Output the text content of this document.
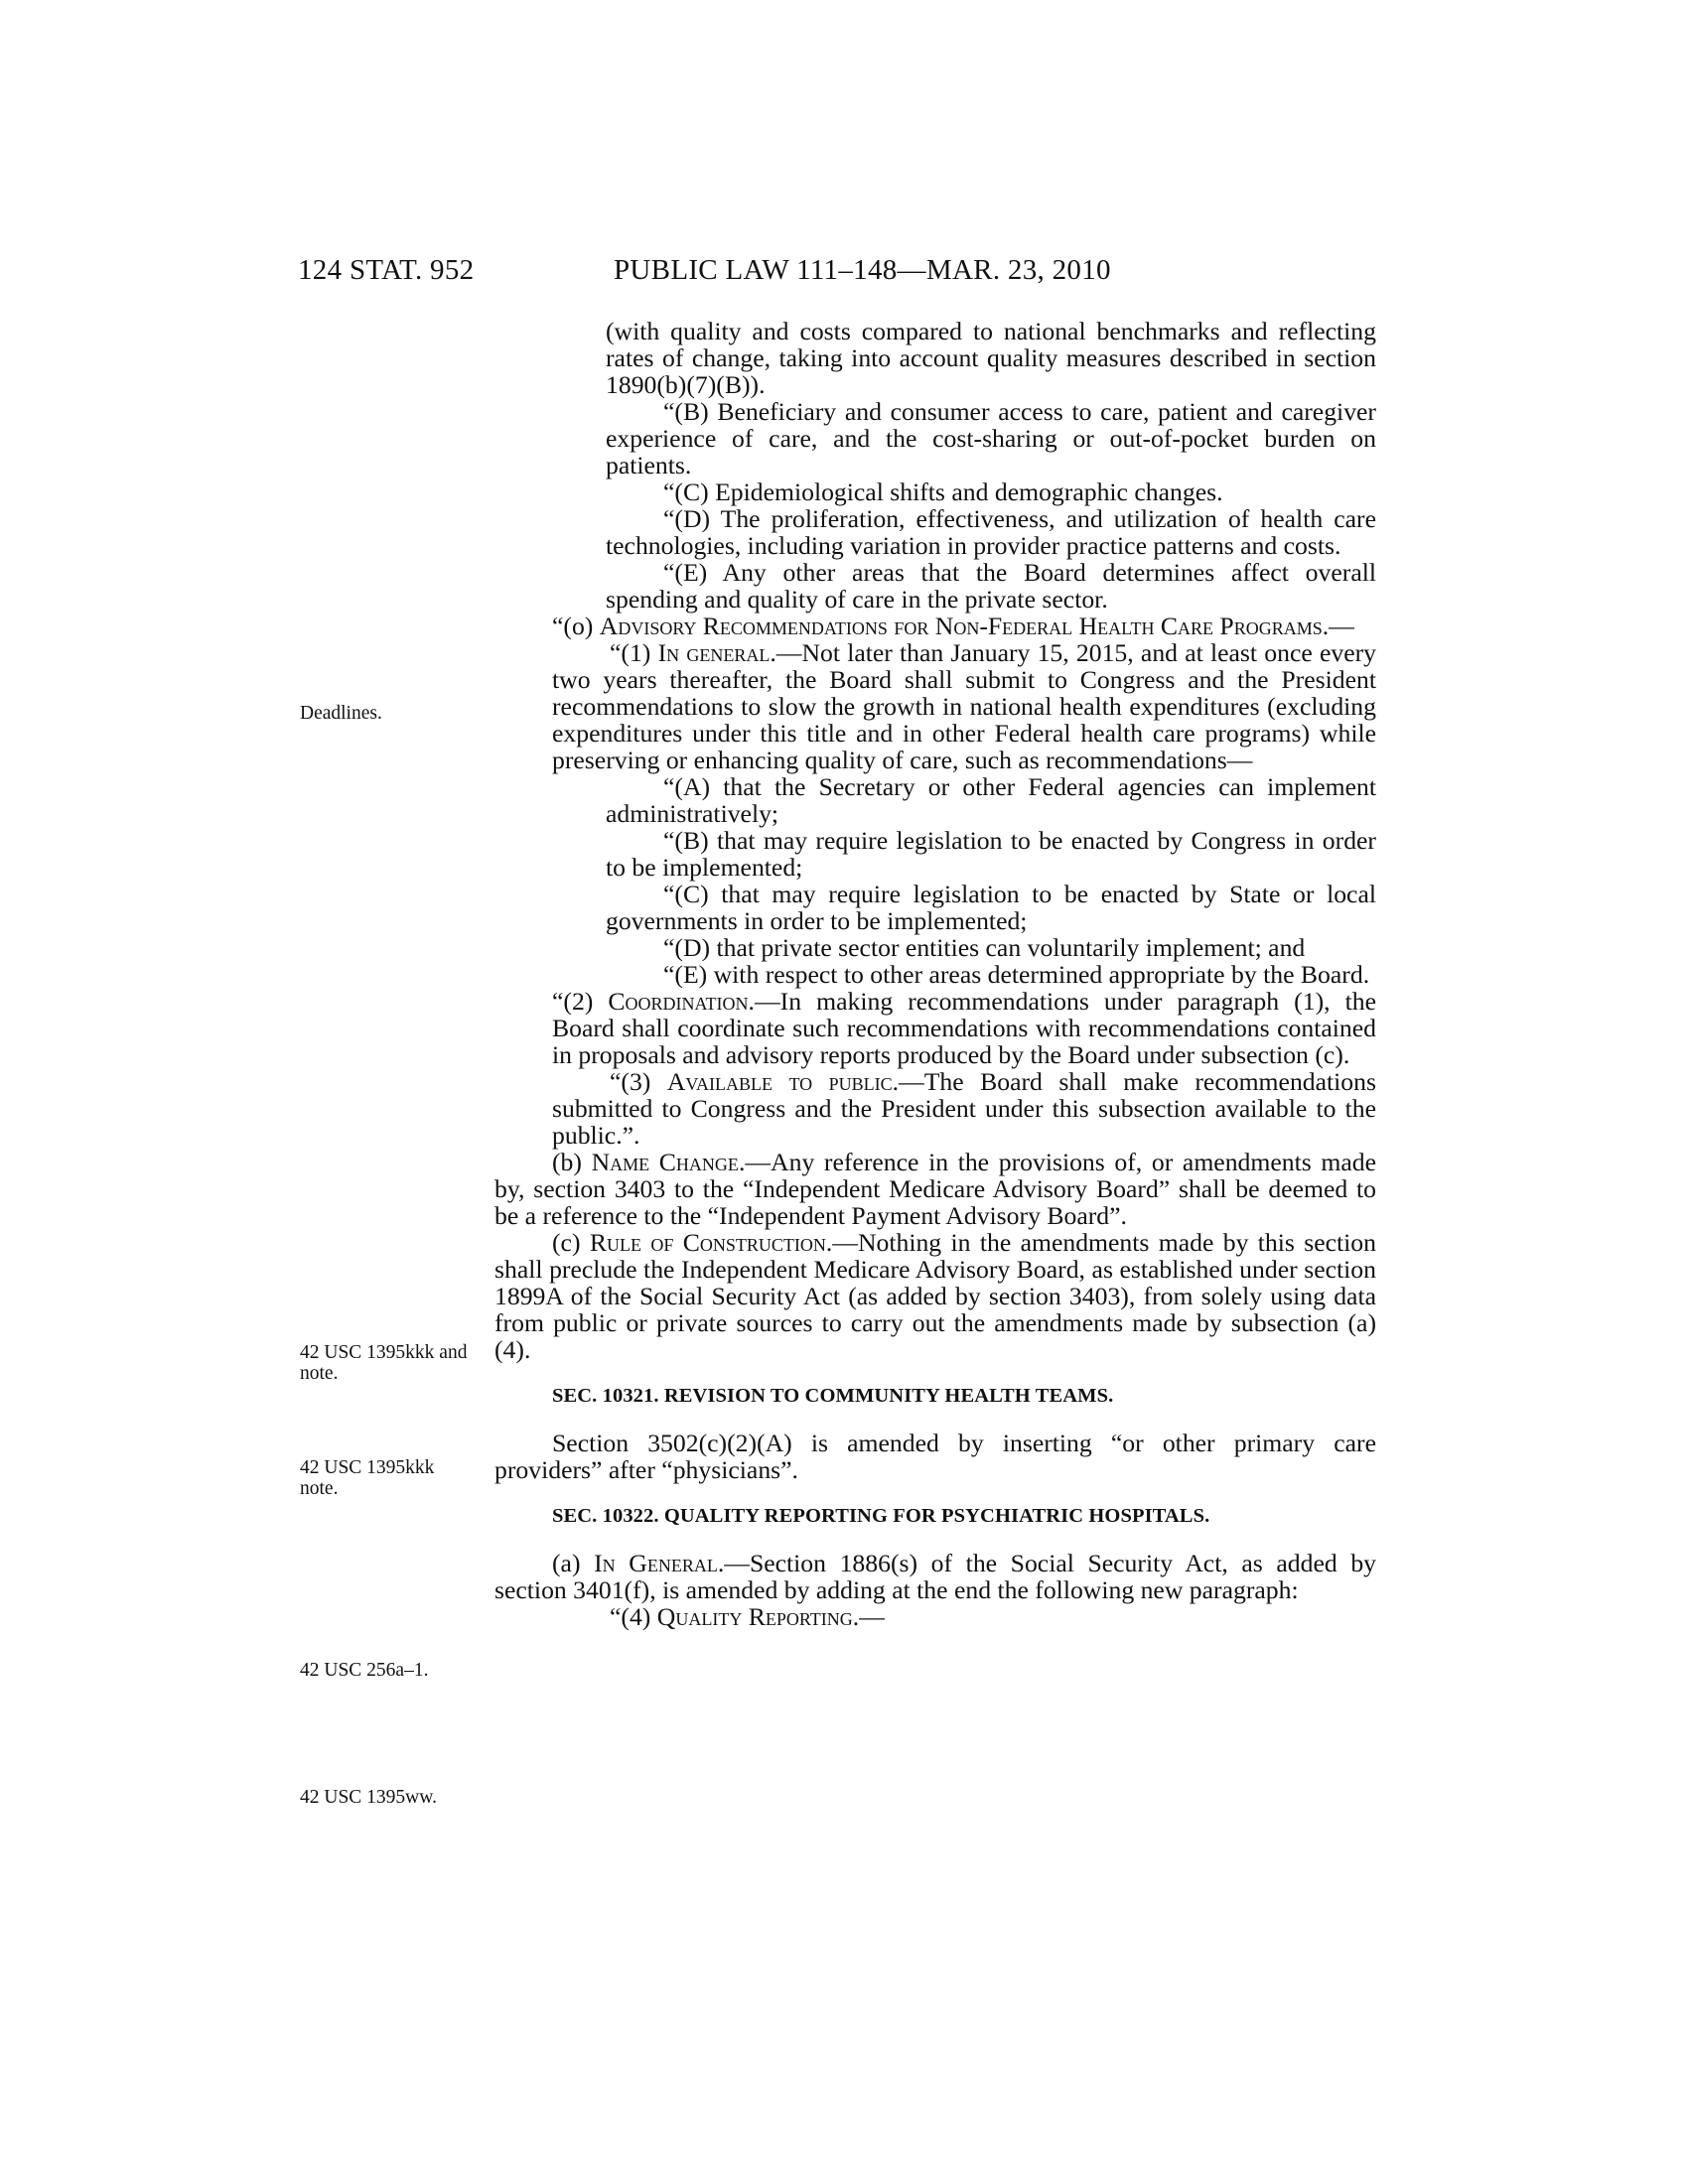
124 STAT. 952	PUBLIC LAW 111–148—MAR. 23, 2010
Deadlines.
42 USC 1395kkk and note.
42 USC 1395kkk note.
42 USC 256a–1.
42 USC 1395ww.

(with quality and costs compared to national benchmarks and reflecting rates of change, taking into account quality measures described in section 1890(b)(7)(B)).

“(B) Beneficiary and consumer access to care, patient and caregiver experience of care, and the cost-sharing or out-of-pocket burden on patients.

“(C) Epidemiological shifts and demographic changes.

“(D) The proliferation, effectiveness, and utilization of health care technologies, including variation in provider practice patterns and costs.

“(E) Any other areas that the Board determines affect overall spending and quality of care in the private sector.

“(o) Advisory Recommendations for Non-Federal Health Care Programs.—

“(1) In general.—Not later than January 15, 2015, and at least once every two years thereafter, the Board shall submit to Congress and the President recommendations to slow the growth in national health expenditures (excluding expenditures under this title and in other Federal health care programs) while preserving or enhancing quality of care, such as recommendations—

“(A) that the Secretary or other Federal agencies can implement administratively;

“(B) that may require legislation to be enacted by Congress in order to be implemented;

“(C) that may require legislation to be enacted by State or local governments in order to be implemented;

“(D) that private sector entities can voluntarily implement; and

“(E) with respect to other areas determined appropriate by the Board.

“(2) Coordination.—In making recommendations under paragraph (1), the Board shall coordinate such recommendations with recommendations contained in proposals and advisory reports produced by the Board under subsection (c).

“(3) Available to public.—The Board shall make recommendations submitted to Congress and the President under this subsection available to the public.”.

(b) Name Change.—Any reference in the provisions of, or amendments made by, section 3403 to the “Independent Medicare Advisory Board” shall be deemed to be a reference to the “Independent Payment Advisory Board”.

(c) Rule of Construction.—Nothing in the amendments made by this section shall preclude the Independent Medicare Advisory Board, as established under section 1899A of the Social Security Act (as added by section 3403), from solely using data from public or private sources to carry out the amendments made by subsection (a)(4).

SEC. 10321. REVISION TO COMMUNITY HEALTH TEAMS.

Section 3502(c)(2)(A) is amended by inserting “or other primary care providers” after “physicians”.

SEC. 10322. QUALITY REPORTING FOR PSYCHIATRIC HOSPITALS.

(a) In General.—Section 1886(s) of the Social Security Act, as added by section 3401(f), is amended by adding at the end the following new paragraph:

“(4) Quality Reporting.—
